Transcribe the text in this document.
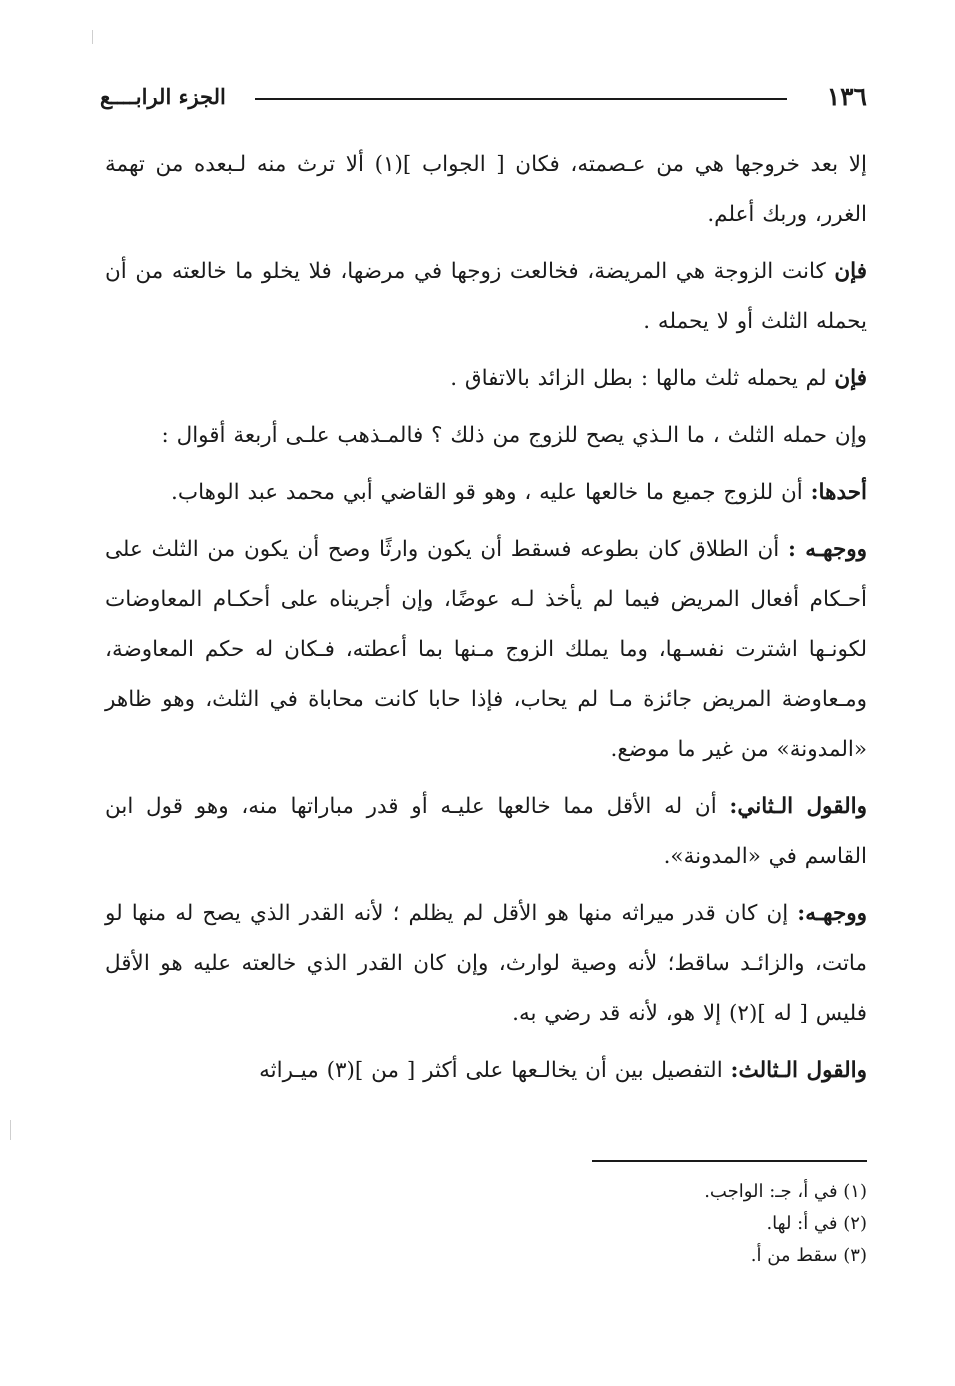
١٣٦
الجزء الرابــــع

إلا بعد خروجها هي من عـصمته، فكان [ الجواب ](١) ألا ترث منه لـبعده من تهمة الغرر، وربك أعلم.

فإن كانت الزوجة هي المريضة، فخالعت زوجها في مرضها، فلا يخلو ما خالعته من أن يحمله الثلث أو لا يحمله .

فإن لم يحمله ثلث مالها : بطل الزائد بالاتفاق .

وإن حمله الثلث ، ما الـذي يصح للزوج من ذلك ؟ فالمـذهب علـى أربعة أقوال :

أحدها: أن للزوج جميع ما خالعها عليه ، وهو قو القاضي أبي محمد عبد الوهاب.

ووجهـه : أن الطلاق كان بطوعه فسقط أن يكون وارثًا وصح أن يكون من الثلث على أحـكام أفعال المريض فيما لم يأخذ لـه عوضًا، وإن أجريناه على أحكـام المعاوضات لكونـها اشترت نفسـها، وما يملك الزوج مـنها بما أعطته، فـكان له حكم المعاوضة، ومـعاوضة المريض جائزة مـا لم يحاب، فإذا حابا كانت محاباة في الثلث، وهو ظاهر «المدونة» من غير ما موضع.

والقول الـثاني: أن له الأقل مما خالعها عليـه أو قدر مباراتها منه، وهو قول ابن القاسم في «المدونة».

ووجهـه: إن كان قدر ميراثه منها هو الأقل لم يظلم ؛ لأنه القدر الذي يصح له منها لو ماتت، والزائـد ساقط؛ لأنه وصية لوارث، وإن كان القدر الذي خالعته عليه هو الأقل فليس [ له ](٢) إلا هو، لأنه قد رضي به.

والقول الـثالث: التفصيل بين أن يخالـعها على أكثر [ من ](٣) ميـراثه

(١) في أ، جـ: الواجب.

(٢) في أ: لها.

(٣) سقط من أ.
